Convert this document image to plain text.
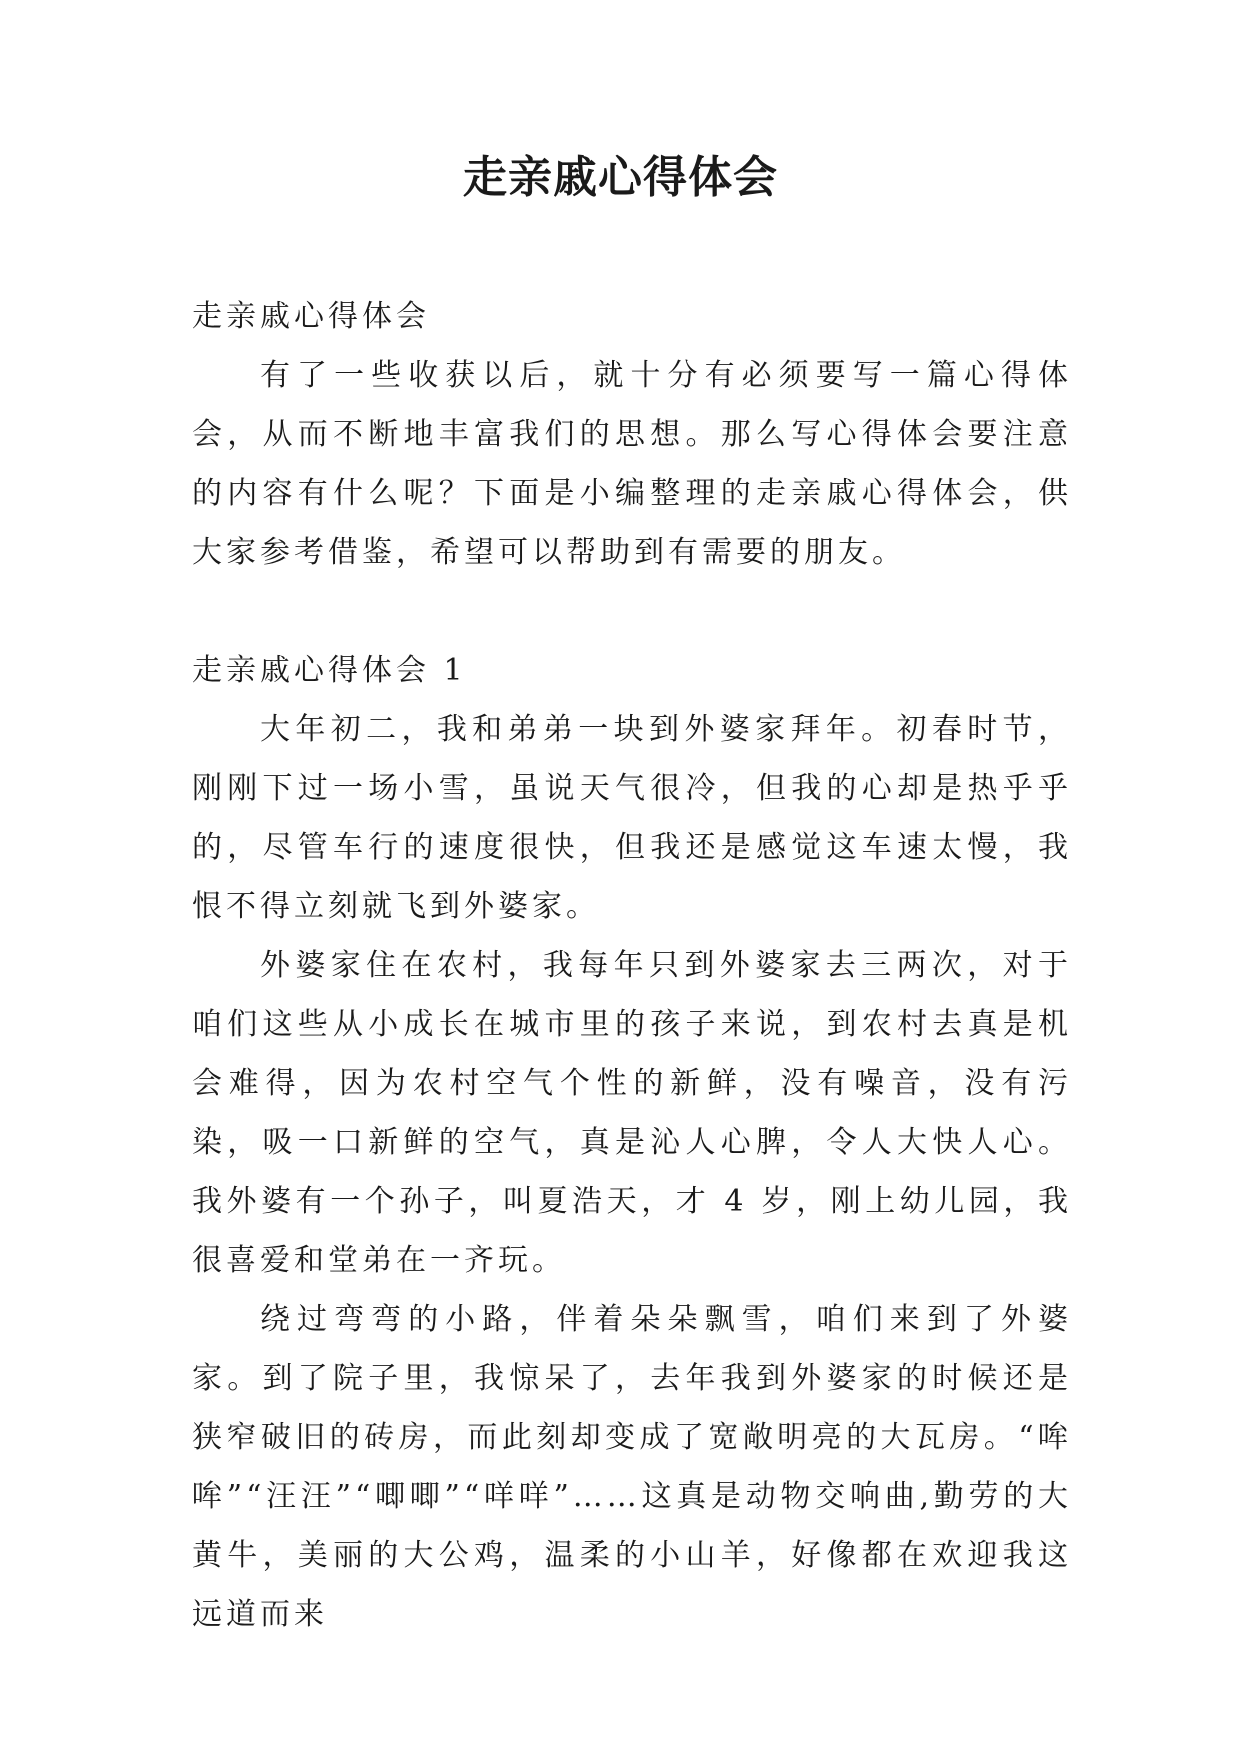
走亲戚心得体会

走亲戚心得体会

有了一些收获以后，就十分有必须要写一篇心得体会，从而不断地丰富我们的思想。那么写心得体会要注意的内容有什么呢？下面是小编整理的走亲戚心得体会，供大家参考借鉴，希望可以帮助到有需要的朋友。

走亲戚心得体会 1

大年初二，我和弟弟一块到外婆家拜年。初春时节，刚刚下过一场小雪，虽说天气很冷，但我的心却是热乎乎的，尽管车行的速度很快，但我还是感觉这车速太慢，我恨不得立刻就飞到外婆家。

外婆家住在农村，我每年只到外婆家去三两次，对于咱们这些从小成长在城市里的孩子来说，到农村去真是机会难得，因为农村空气个性的新鲜，没有噪音，没有污染，吸一口新鲜的空气，真是沁人心脾，令人大快人心。我外婆有一个孙子，叫夏浩天，才 4 岁，刚上幼儿园，我很喜爱和堂弟在一齐玩。

绕过弯弯的小路，伴着朵朵飘雪，咱们来到了外婆家。到了院子里，我惊呆了，去年我到外婆家的时候还是狭窄破旧的砖房，而此刻却变成了宽敞明亮的大瓦房。“哞哞”“汪汪”“唧唧”“咩咩”……这真是动物交响曲,勤劳的大黄牛，美丽的大公鸡，温柔的小山羊，好像都在欢迎我这远道而来
